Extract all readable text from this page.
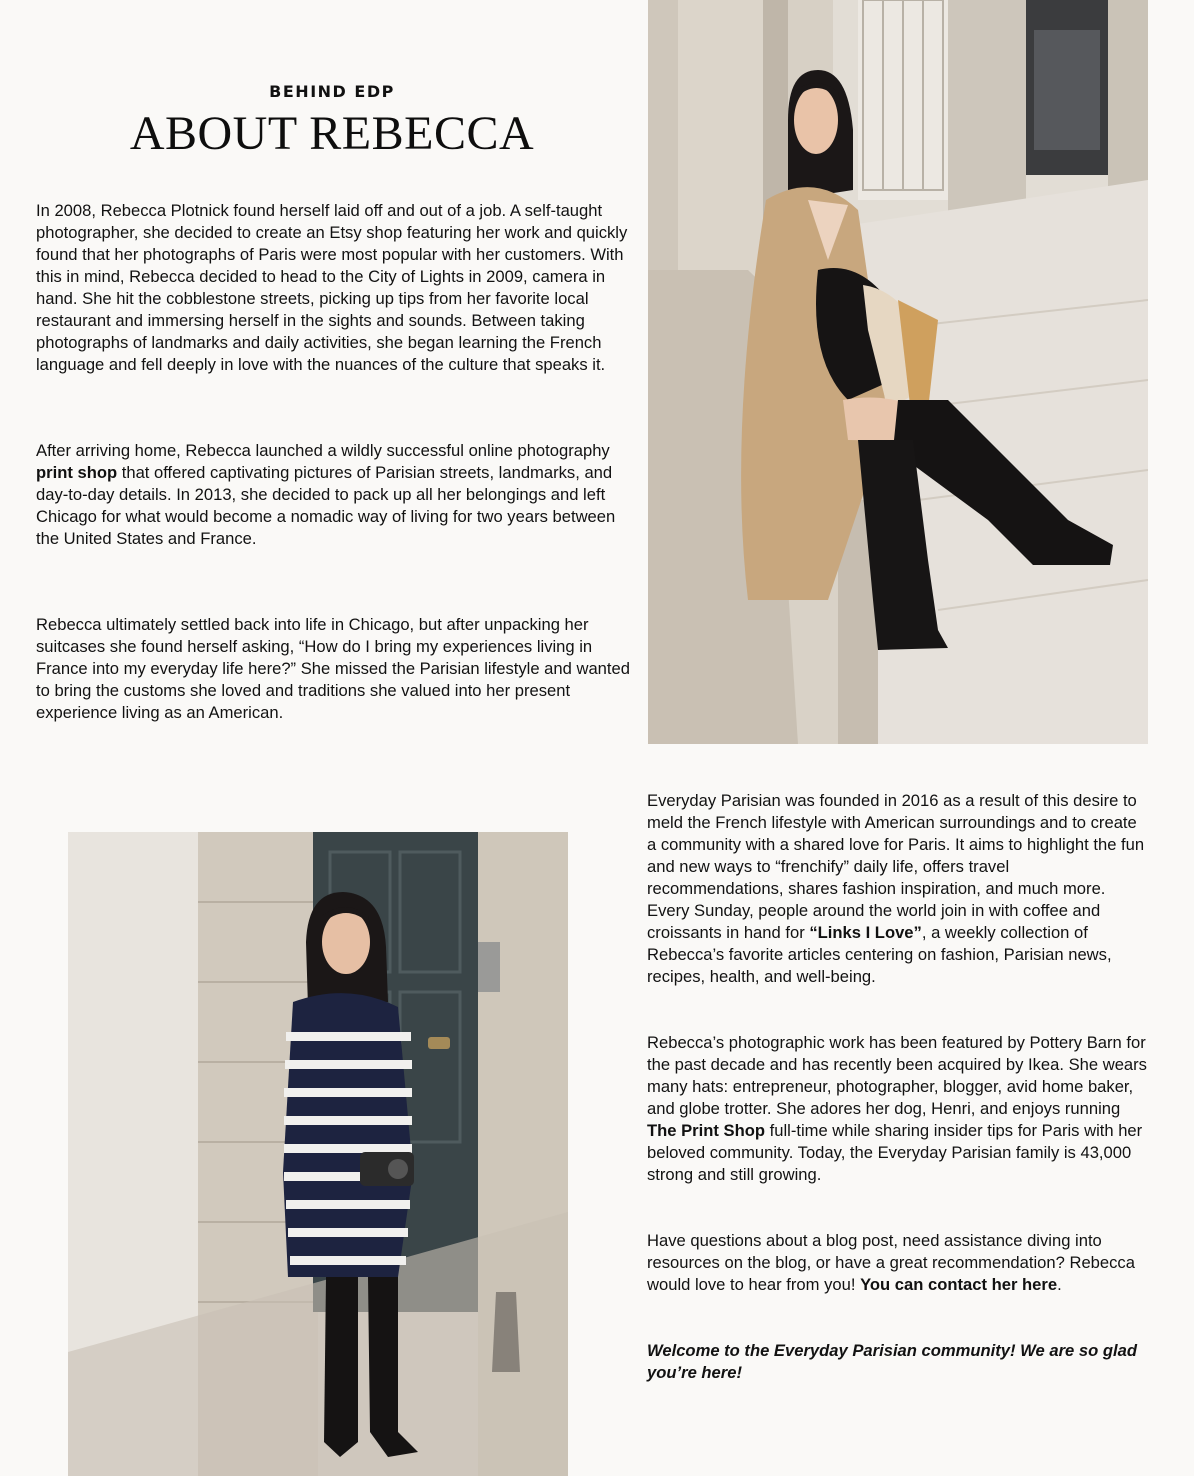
BEHIND EDP
ABOUT REBECCA

In 2008, Rebecca Plotnick found herself laid off and out of a job. A self-taught photographer, she decided to create an Etsy shop featuring her work and quickly found that her photographs of Paris were most popular with her customers. With this in mind, Rebecca decided to head to the City of Lights in 2009, camera in hand. She hit the cobblestone streets, picking up tips from her favorite local restaurant and immersing herself in the sights and sounds. Between taking photographs of landmarks and daily activities, she began learning the French language and fell deeply in love with the nuances of the culture that speaks it.

After arriving home, Rebecca launched a wildly successful online photography print shop that offered captivating pictures of Parisian streets, landmarks, and day-to-day details. In 2013, she decided to pack up all her belongings and left Chicago for what would become a nomadic way of living for two years between the United States and France.

Rebecca ultimately settled back into life in Chicago, but after unpacking her suitcases she found herself asking, “How do I bring my experiences living in France into my everyday life here?” She missed the Parisian lifestyle and wanted to bring the customs she loved and traditions she valued into her present experience living as an American.

Everyday Parisian was founded in 2016 as a result of this desire to meld the French lifestyle with American surroundings and to create a community with a shared love for Paris. It aims to highlight the fun and new ways to “frenchify” daily life, offers travel recommendations, shares fashion inspiration, and much more. Every Sunday, people around the world join in with coffee and croissants in hand for “Links I Love”, a weekly collection of Rebecca’s favorite articles centering on fashion, Parisian news, recipes, health, and well-being.

Rebecca’s photographic work has been featured by Pottery Barn for the past decade and has recently been acquired by Ikea. She wears many hats: entrepreneur, photographer, blogger, avid home baker, and globe trotter. She adores her dog, Henri, and enjoys running The Print Shop full-time while sharing insider tips for Paris with her beloved community. Today, the Everyday Parisian family is 43,000 strong and still growing.

Have questions about a blog post, need assistance diving into resources on the blog, or have a great recommendation? Rebecca would love to hear from you! You can contact her here.

Welcome to the Everyday Parisian community! We are so glad you’re here!
